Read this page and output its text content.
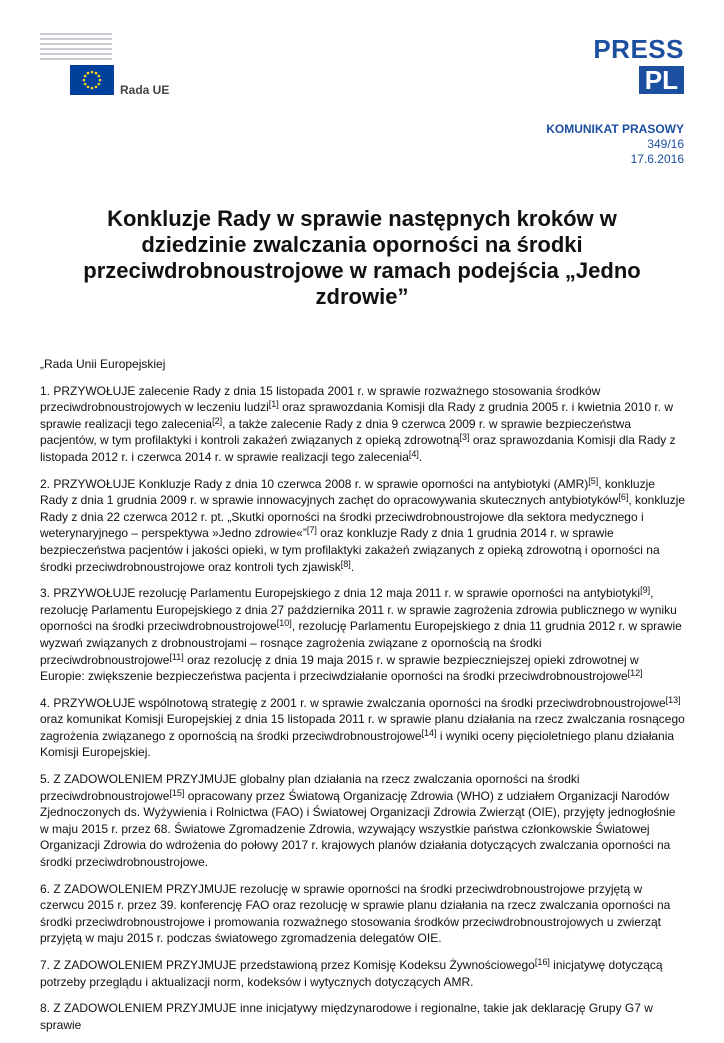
Rada UE
PRESS
PL
KOMUNIKAT PRASOWY
349/16
17.6.2016
Konkluzje Rady w sprawie następnych kroków w dziedzinie zwalczania oporności na środki przeciwdrobnoustrojowe w ramach podejścia „Jedno zdrowie”

„Rada Unii Europejskiej

1. PRZYWOŁUJE zalecenie Rady z dnia 15 listopada 2001 r. w sprawie rozważnego stosowania środków przeciwdrobnoustrojowych w leczeniu ludzi[1] oraz sprawozdania Komisji dla Rady z grudnia 2005 r. i kwietnia 2010 r. w sprawie realizacji tego zalecenia[2], a także zalecenie Rady z dnia 9 czerwca 2009 r. w sprawie bezpieczeństwa pacjentów, w tym profilaktyki i kontroli zakażeń związanych z opieką zdrowotną[3] oraz sprawozdania Komisji dla Rady z listopada 2012 r. i czerwca 2014 r. w sprawie realizacji tego zalecenia[4].

2. PRZYWOŁUJE Konkluzje Rady z dnia 10 czerwca 2008 r. w sprawie oporności na antybiotyki (AMR)[5], konkluzje Rady z dnia 1 grudnia 2009 r. w sprawie innowacyjnych zachęt do opracowywania skutecznych antybiotyków[6], konkluzje Rady z dnia 22 czerwca 2012 r. pt. „Skutki oporności na środki przeciwdrobnoustrojowe dla sektora medycznego i weterynaryjnego – perspektywa »Jedno zdrowie«”[7] oraz konkluzje Rady z dnia 1 grudnia 2014 r. w sprawie bezpieczeństwa pacjentów i jakości opieki, w tym profilaktyki zakażeń związanych z opieką zdrowotną i oporności na środki przeciwdrobnoustrojowe oraz kontroli tych zjawisk[8].

3. PRZYWOŁUJE rezolucję Parlamentu Europejskiego z dnia 12 maja 2011 r. w sprawie oporności na antybiotyki[9], rezolucję Parlamentu Europejskiego z dnia 27 października 2011 r. w sprawie zagrożenia zdrowia publicznego w wyniku oporności na środki przeciwdrobnoustrojowe[10], rezolucję Parlamentu Europejskiego z dnia 11 grudnia 2012 r. w sprawie wyzwań związanych z drobnoustrojami – rosnące zagrożenia związane z opornością na środki przeciwdrobnoustrojowe[11] oraz rezolucję z dnia 19 maja 2015 r. w sprawie bezpieczniejszej opieki zdrowotnej w Europie: zwiększenie bezpieczeństwa pacjenta i przeciwdziałanie oporności na środki przeciwdrobnoustrojowe[12]

4. PRZYWOŁUJE wspólnotową strategię z 2001 r. w sprawie zwalczania oporności na środki przeciwdrobnoustrojowe[13] oraz komunikat Komisji Europejskiej z dnia 15 listopada 2011 r. w sprawie planu działania na rzecz zwalczania rosnącego zagrożenia związanego z opornością na środki przeciwdrobnoustrojowe[14] i wyniki oceny pięcioletniego planu działania Komisji Europejskiej.

5. Z ZADOWOLENIEM PRZYJMUJE globalny plan działania na rzecz zwalczania oporności na środki przeciwdrobnoustrojowe[15] opracowany przez Światową Organizację Zdrowia (WHO) z udziałem Organizacji Narodów Zjednoczonych ds. Wyżywienia i Rolnictwa (FAO) i Światowej Organizacji Zdrowia Zwierząt (OIE), przyjęty jednogłośnie w maju 2015 r. przez 68. Światowe Zgromadzenie Zdrowia, wzywający wszystkie państwa członkowskie Światowej Organizacji Zdrowia do wdrożenia do połowy 2017 r. krajowych planów działania dotyczących zwalczania oporności na środki przeciwdrobnoustrojowe.

6. Z ZADOWOLENIEM PRZYJMUJE rezolucję w sprawie oporności na środki przeciwdrobnoustrojowe przyjętą w czerwcu 2015 r. przez 39. konferencję FAO oraz rezolucję w sprawie planu działania na rzecz zwalczania oporności na środki przeciwdrobnoustrojowe i promowania rozważnego stosowania środków przeciwdrobnoustrojowych u zwierząt przyjętą w maju 2015 r. podczas światowego zgromadzenia delegatów OIE.

7. Z ZADOWOLENIEM PRZYJMUJE przedstawioną przez Komisję Kodeksu Żywnościowego[16] inicjatywę dotyczącą potrzeby przeglądu i aktualizacji norm, kodeksów i wytycznych dotyczących AMR.

8. Z ZADOWOLENIEM PRZYJMUJE inne inicjatywy międzynarodowe i regionalne, takie jak deklarację Grupy G7 w sprawie
